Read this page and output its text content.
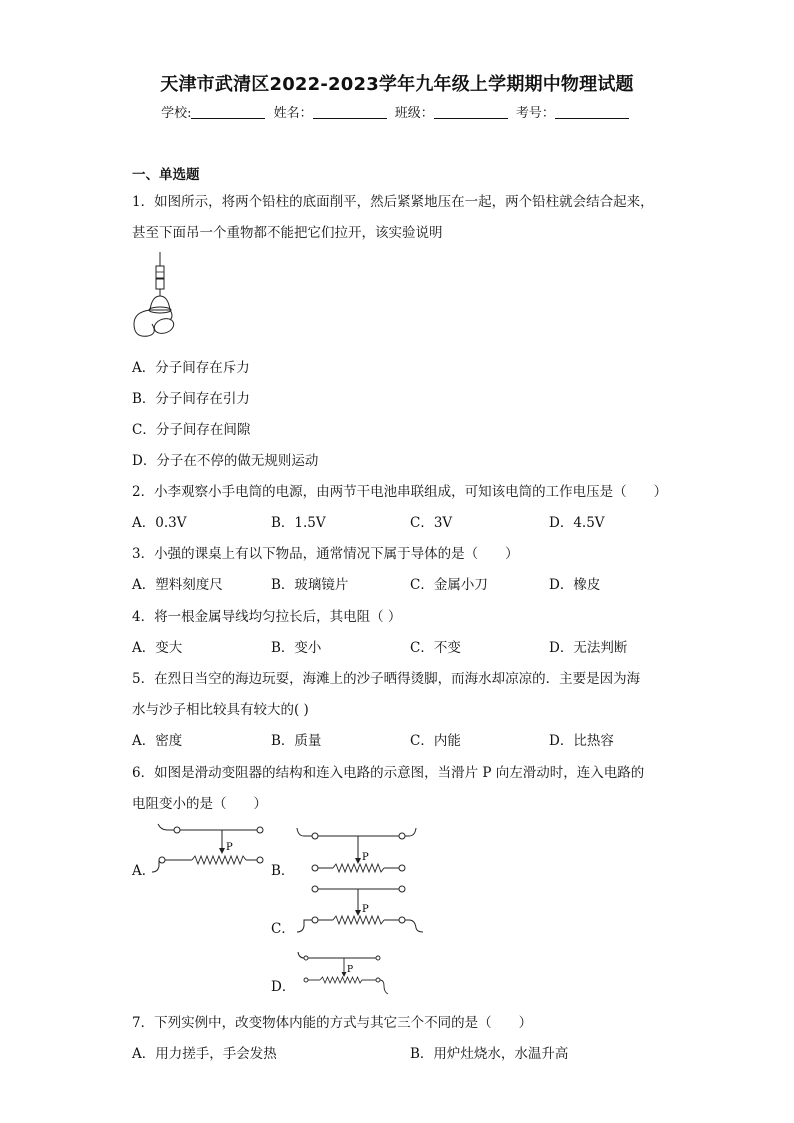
天津市武清区2022-2023学年九年级上学期期中物理试题
学校:	姓名：	班级：	考号：
一、单选题
1．如图所示，将两个铅柱的底面削平，然后紧紧地压在一起，两个铅柱就会结合起来，
甚至下面吊一个重物都不能把它们拉开，该实验说明
A．分子间存在斥力
B．分子间存在引力
C．分子间存在间隙
D．分子在不停的做无规则运动
2．小李观察小手电筒的电源，由两节干电池串联组成，可知该电筒的工作电压是（　　）
A．0.3V	B．1.5V	C．3V	D．4.5V
3．小强的课桌上有以下物品，通常情况下属于导体的是（　　）
A．塑料刻度尺	B．玻璃镜片	C．金属小刀	D．橡皮
4．将一根金属导线均匀拉长后，其电阻（ ）
A．变大	B．变小	C．不变	D．无法判断
5．在烈日当空的海边玩耍，海滩上的沙子晒得烫脚，而海水却凉凉的．主要是因为海
水与沙子相比较具有较大的( )
A．密度	B．质量	C．内能	D．比热容
6．如图是滑动变阻器的结构和连入电路的示意图，当滑片 P 向左滑动时，连入电路的
电阻变小的是（　　）
A．	B．
C．
D．
P
P
P
P
7．下列实例中，改变物体内能的方式与其它三个不同的是（　　）
A．用力搓手，手会发热	B．用炉灶烧水，水温升高
